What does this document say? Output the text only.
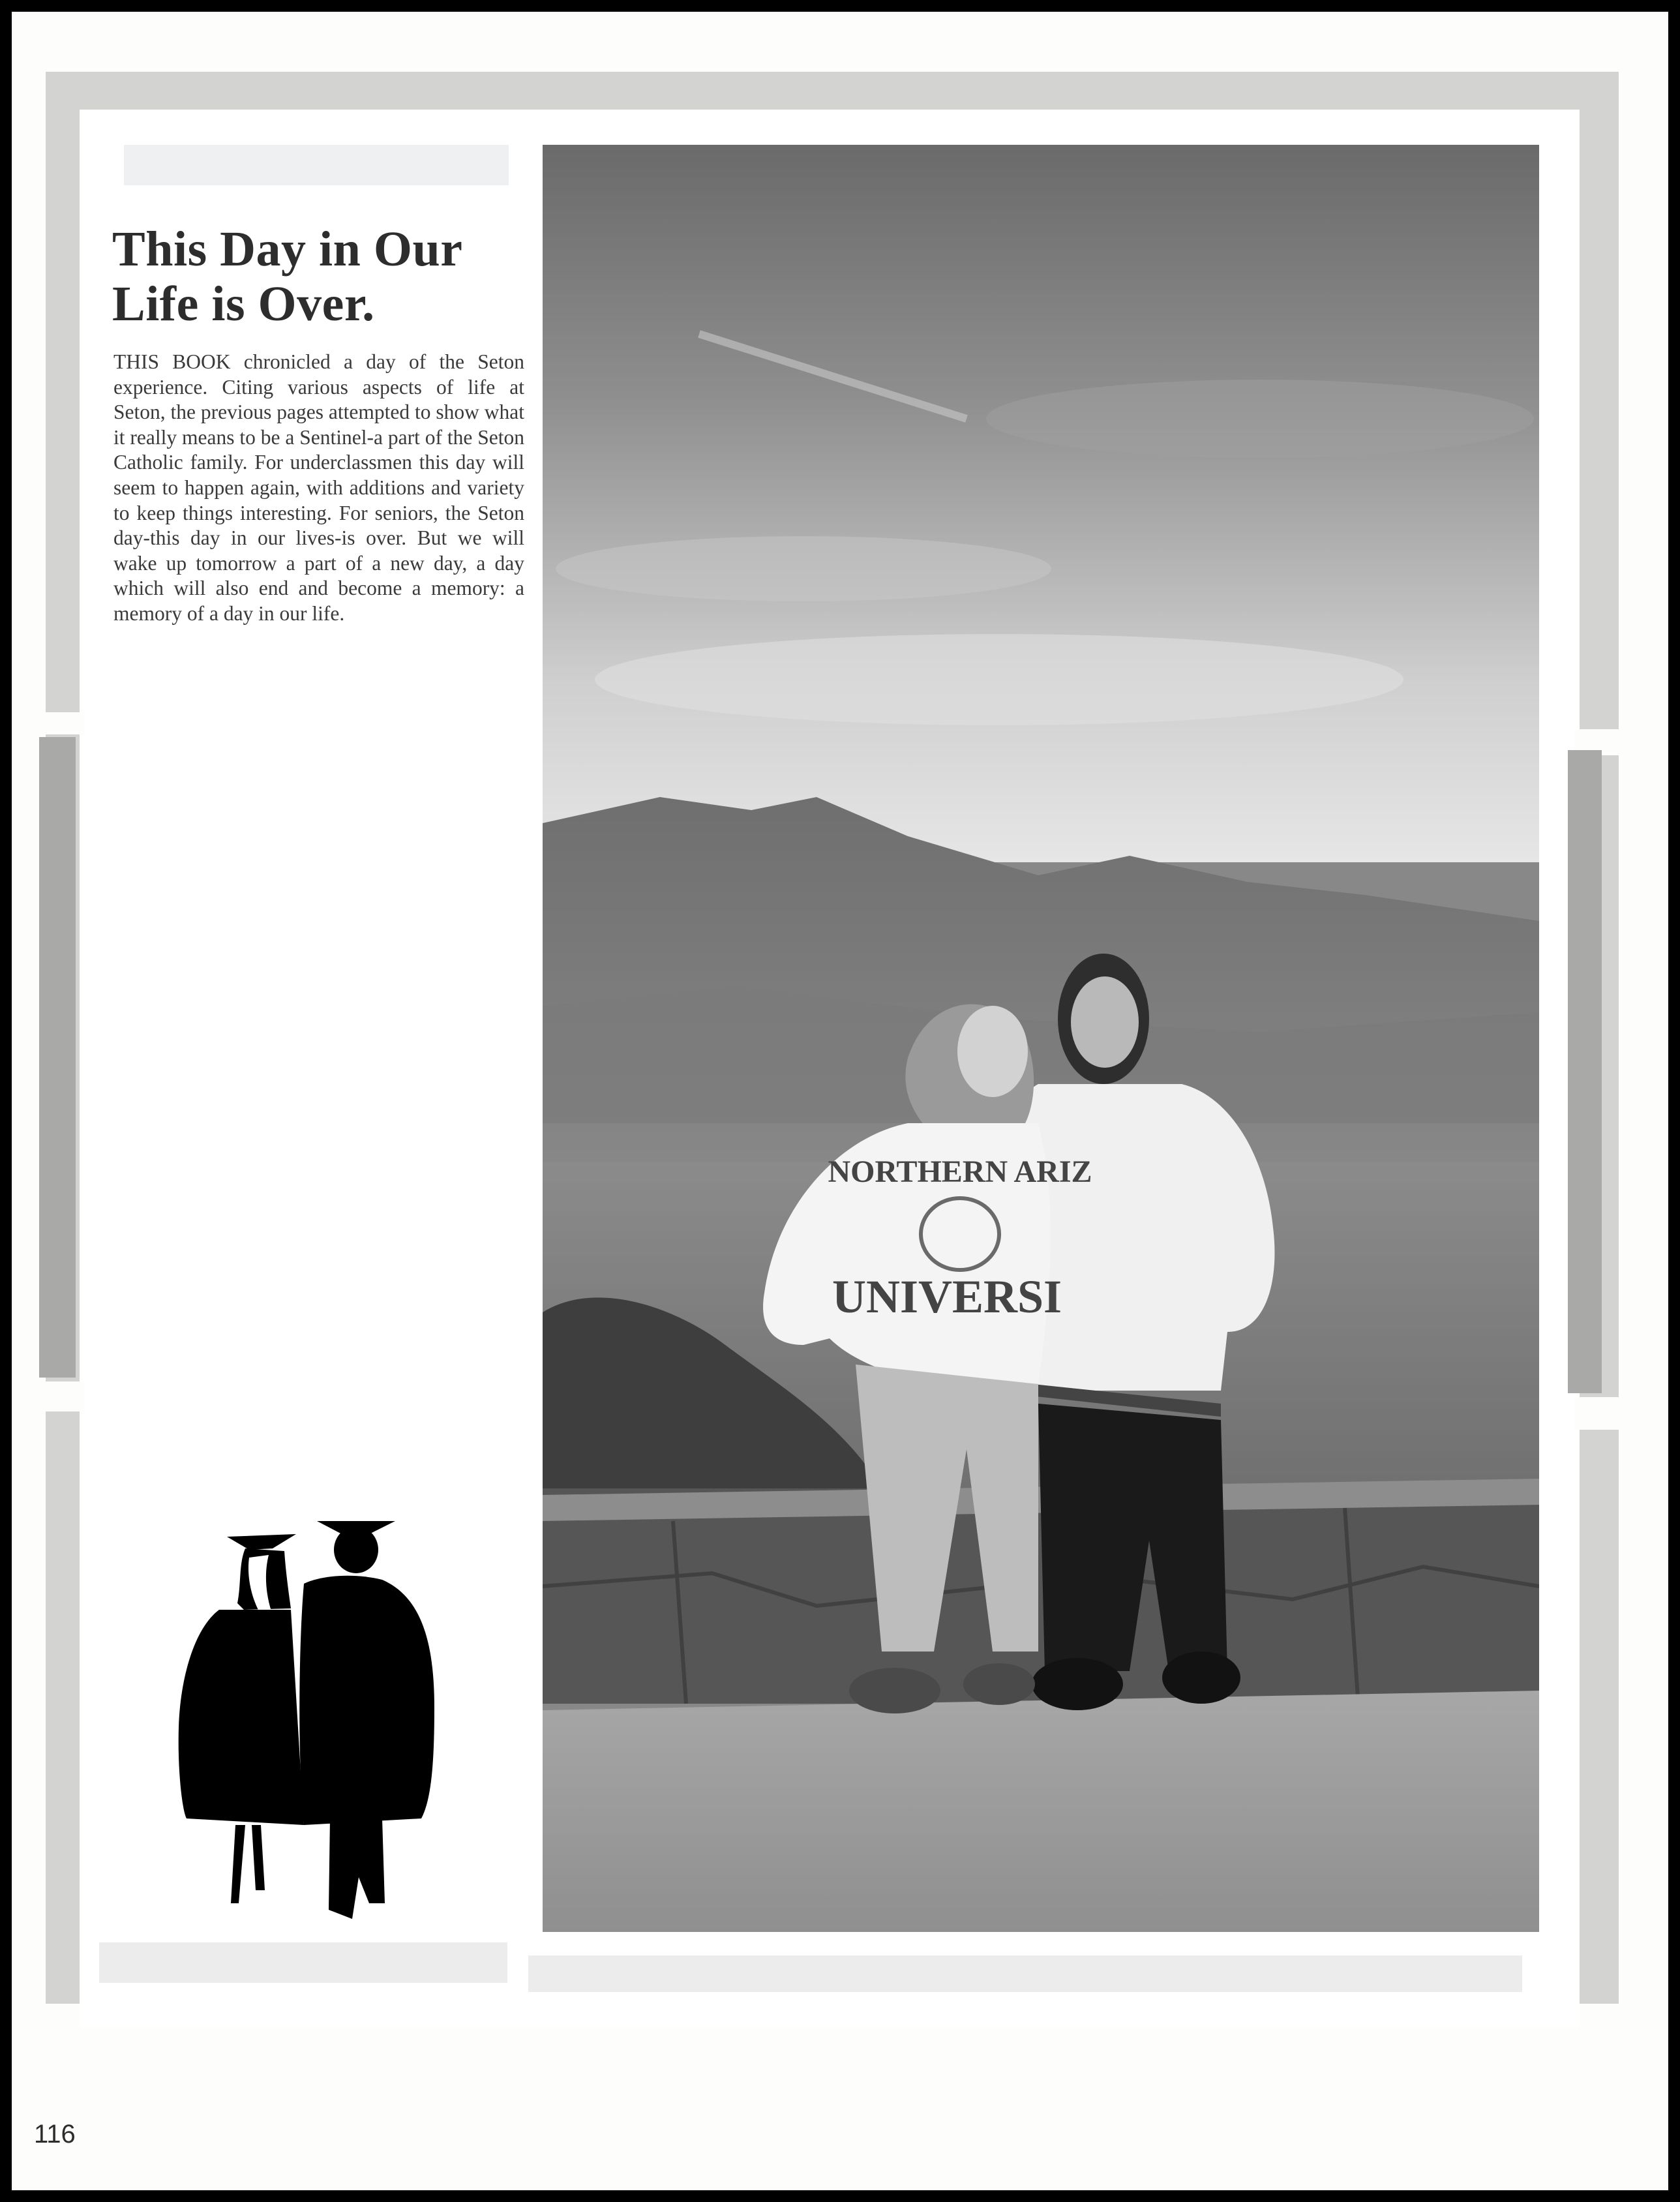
This Day in Our Life is Over.

THIS BOOK chronicled a day of the Seton experience. Citing various aspects of life at Seton, the previous pages attempted to show what it really means to be a Sentinel-a part of the Seton Catholic family. For underclassmen this day will seem to happen again, with additions and variety to keep things interesting. For seniors, the Seton day-this day in our lives-is over. But we will wake up tomorrow a part of a new day, a day which will also end and become a memory: a memory of a day in our life.

NORTHERN ARIZ
UNIVERSI
116
